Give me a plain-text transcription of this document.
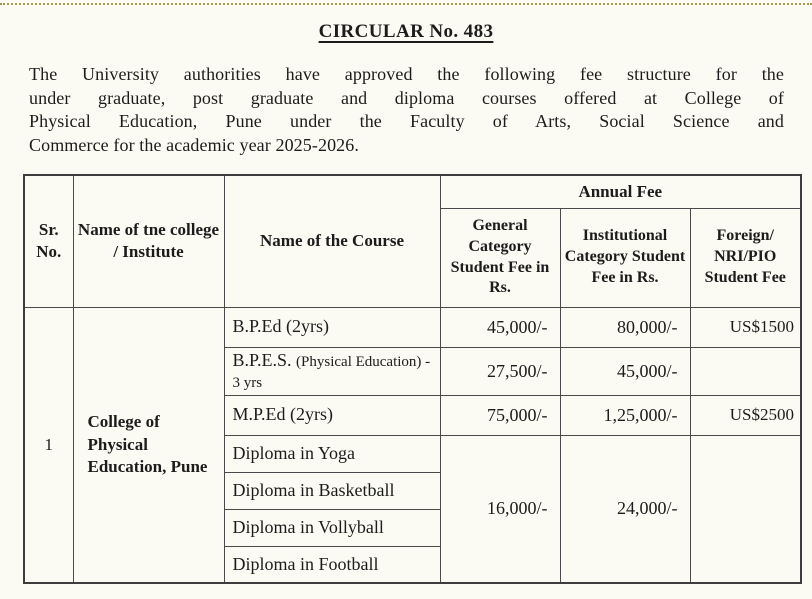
CIRCULAR No. 483
The University authorities have approved the following fee structure for the
under graduate, post graduate and diploma courses offered at College of
Physical Education, Pune under the Faculty of Arts, Social Science and
Commerce for the academic year 2025-2026.
Sr. No.	Name of tne college / Institute	Name of the Course	Annual Fee		
			General Category Student Fee in Rs.	Institutional Category Student Fee in Rs.	Foreign/ NRI/PIO Student Fee
1	College of Physical Education, Pune	B.P.Ed (2yrs)	45,000/-	80,000/-	US$1500
		B.P.E.S. (Physical Education) - 3 yrs	27,500/-	45,000/-	
		M.P.Ed (2yrs)	75,000/-	1,25,000/-	US$2500
		Diploma in Yoga	16,000/-	24,000/-	
		Diploma in Basketball			
		Diploma in Vollyball			
		Diploma in Football			
